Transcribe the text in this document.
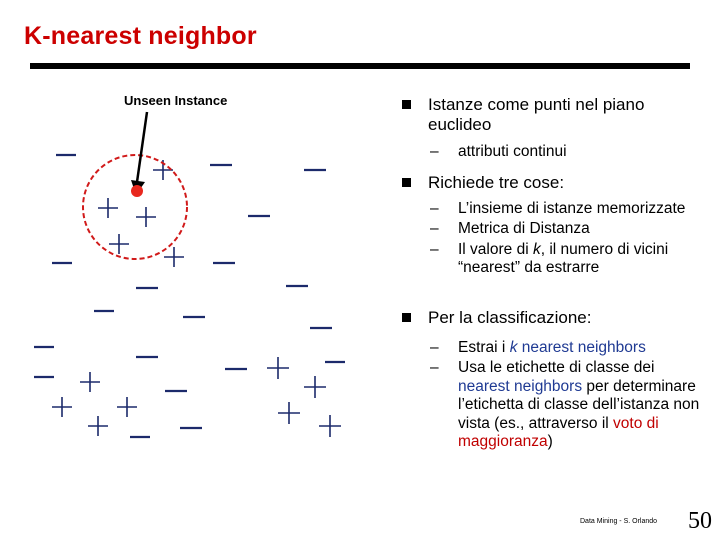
K-nearest neighbor
Unseen Instance	Istanze come punti nel piano euclideo
– attributi continui
Richiede tre cose:
– L’insieme di istanze memorizzate
– Metrica di Distanza
– Il valore di k, il numero di vicini “nearest” da estrarre
Per la classificazione:
– Estrai i k nearest neighbors
– Usa le etichette di classe dei nearest neighbors per determinare l’etichetta di classe dell’istanza non vista (es., attraverso il voto di maggioranza)
Data Mining - S. Orlando 50
